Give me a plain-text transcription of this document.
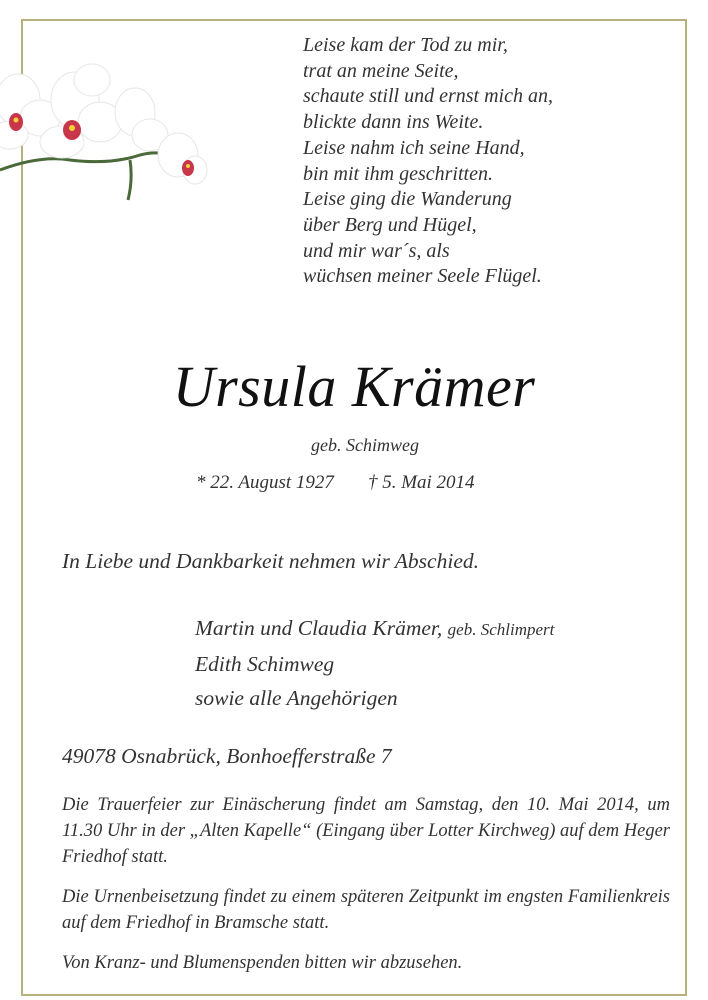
Leise kam der Tod zu mir,
trat an meine Seite,
schaute still und ernst mich an,
blickte dann ins Weite.
Leise nahm ich seine Hand,
bin mit ihm geschritten.
Leise ging die Wanderung
über Berg und Hügel,
und mir war´s, als
wüchsen meiner Seele Flügel.
Ursula Krämer
geb. Schimweg
* 22. August 1927 † 5. Mai 2014
In Liebe und Dankbarkeit nehmen wir Abschied.
Martin und Claudia Krämer, geb. Schlimpert
Edith Schimweg
sowie alle Angehörigen
49078 Osnabrück, Bonhoefferstraße 7
Die Trauerfeier zur Einäscherung findet am Samstag, den 10. Mai 2014, um 11.30 Uhr in der „Alten Kapelle“ (Eingang über Lotter Kirchweg) auf dem Heger Friedhof statt.
Die Urnenbeisetzung findet zu einem späteren Zeitpunkt im engsten Familienkreis auf dem Friedhof in Bramsche statt.
Von Kranz- und Blumenspenden bitten wir abzusehen.
